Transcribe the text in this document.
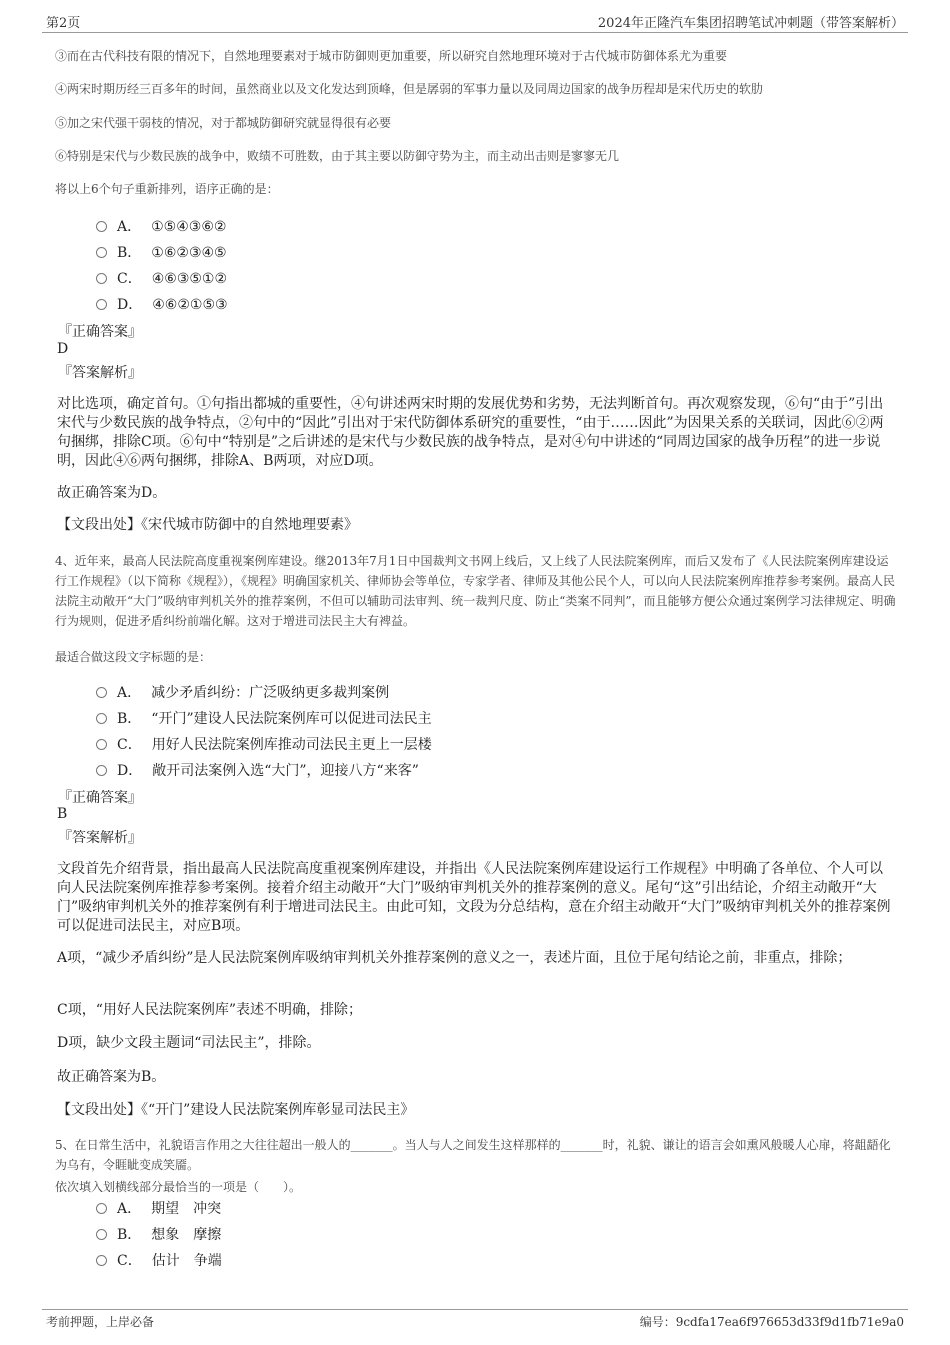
第2页	2024年正隆汽车集团招聘笔试冲刺题（带答案解析）
③而在古代科技有限的情况下，自然地理要素对于城市防御则更加重要，所以研究自然地理环境对于古代城市防御体系尤为重要
④两宋时期历经三百多年的时间，虽然商业以及文化发达到顶峰，但是孱弱的军事力量以及同周边国家的战争历程却是宋代历史的软肋
⑤加之宋代强干弱枝的情况，对于都城防御研究就显得很有必要
⑥特别是宋代与少数民族的战争中，败绩不可胜数，由于其主要以防御守势为主，而主动出击则是寥寥无几
将以上6个句子重新排列，语序正确的是：
A． ①⑤④③⑥②
B． ①⑥②③④⑤
C． ④⑥③⑤①②
D． ④⑥②①⑤③
『正确答案』
D
『答案解析』
对比选项，确定首句。①句指出都城的重要性，④句讲述两宋时期的发展优势和劣势，无法判断首句。再次观察发现，⑥句“由于”引出宋代与少数民族的战争特点，②句中的“因此”引出对于宋代防御体系研究的重要性，“由于……因此”为因果关系的关联词，因此⑥②两句捆绑，排除C项。⑥句中“特别是”之后讲述的是宋代与少数民族的战争特点，是对④句中讲述的“同周边国家的战争历程”的进一步说明，因此④⑥两句捆绑，排除A、B两项，对应D项。
故正确答案为D。
【文段出处】《宋代城市防御中的自然地理要素》
4、近年来，最高人民法院高度重视案例库建设。继2013年7月1日中国裁判文书网上线后，又上线了人民法院案例库，而后又发布了《人民法院案例库建设运行工作规程》（以下简称《规程》），《规程》明确国家机关、律师协会等单位，专家学者、律师及其他公民个人，可以向人民法院案例库推荐参考案例。最高人民法院主动敞开“大门”吸纳审判机关外的推荐案例，不但可以辅助司法审判、统一裁判尺度、防止“类案不同判”，而且能够方便公众通过案例学习法律规定、明确行为规则，促进矛盾纠纷前端化解。这对于增进司法民主大有裨益。
最适合做这段文字标题的是：
A． 减少矛盾纠纷：广泛吸纳更多裁判案例
B． “开门”建设人民法院案例库可以促进司法民主
C． 用好人民法院案例库推动司法民主更上一层楼
D． 敞开司法案例入选“大门”，迎接八方“来客”
『正确答案』
B
『答案解析』
文段首先介绍背景，指出最高人民法院高度重视案例库建设，并指出《人民法院案例库建设运行工作规程》中明确了各单位、个人可以向人民法院案例库推荐参考案例。接着介绍主动敞开“大门”吸纳审判机关外的推荐案例的意义。尾句“这”引出结论，介绍主动敞开“大门”吸纳审判机关外的推荐案例有利于增进司法民主。由此可知，文段为分总结构，意在介绍主动敞开“大门”吸纳审判机关外的推荐案例可以促进司法民主，对应B项。
A项，“减少矛盾纠纷”是人民法院案例库吸纳审判机关外推荐案例的意义之一，表述片面，且位于尾句结论之前，非重点，排除；
C项，“用好人民法院案例库”表述不明确，排除；
D项，缺少文段主题词“司法民主”，排除。
故正确答案为B。
【文段出处】《“开门”建设人民法院案例库彰显司法民主》
5、在日常生活中，礼貌语言作用之大往往超出一般人的_______。当人与人之间发生这样那样的_______时，礼貌、谦让的语言会如熏风般暖人心扉，将龃龉化为乌有，令睚眦变成笑靥。
依次填入划横线部分最恰当的一项是（　　）。
A． 期望　冲突
B． 想象　摩擦
C． 估计　争端
考前押题，上岸必备	编号：9cdfa17ea6f976653d33f9d1fb71e9a0
